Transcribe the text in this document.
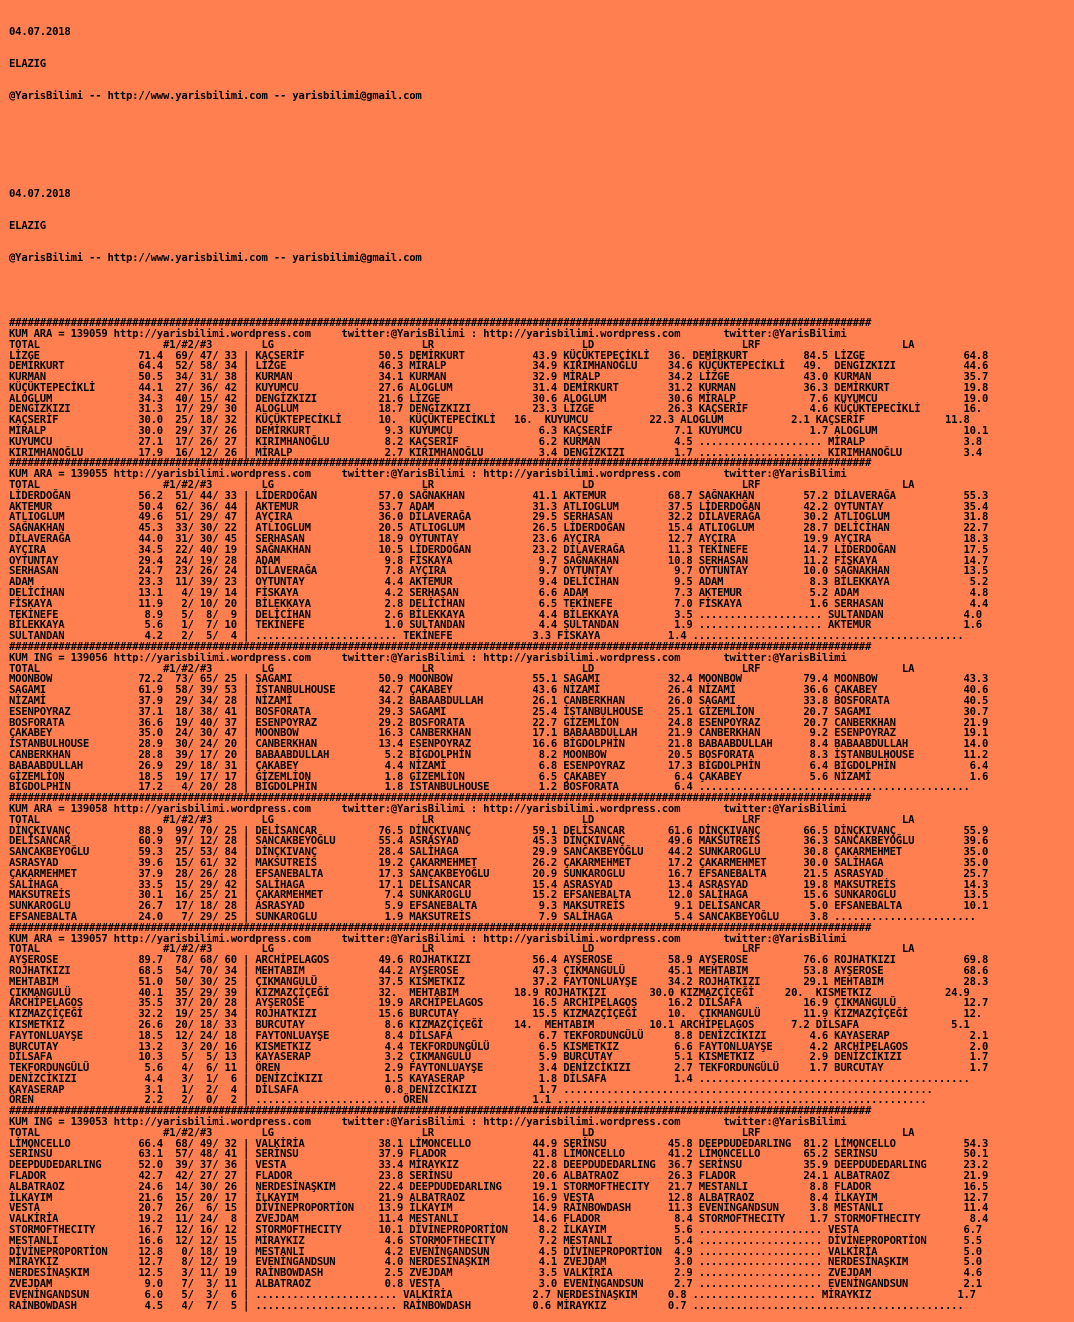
04.07.2018

ELAZIG

@YarisBilimi -- http://www.yarisbilimi.com -- yarisbilimi@gmail.com

04.07.2018

ELAZIG

@YarisBilimi -- http://www.yarisbilimi.com -- yarisbilimi@gmail.com

############################################################################################################################################
KUM ARA = 139059 http://yarisbilimi.wordpress.com     twitter:@YarisBilimi : http://yarisbilimi.wordpress.com       twitter:@YarisBilimi
TOTAL                    #1/#2/#3        LG                        LR                        LD                        LRF                       LA
LİZGE                71.4  69/ 47/ 33 | KAÇSERİF            50.5 DEMİRKURT           43.9 KÜÇÜKTEPECİKLİ   36. DEMİRKURT         84.5 LİZGE                64.8
DEMİRKURT            64.4  52/ 58/ 34 | LİZGE               46.3 MİRALP              34.9 KIRIMHANOĞLU     34.6 KÜÇÜKTEPECİKLİ   49.  DENGİZKIZI           44.6
KURMAN               50.5  34/ 31/ 38 | KURMAN              34.1 KURMAN              32.9 MİRALP           34.2 LİZGE            43.0 KURMAN               35.7
KÜÇÜKTEPECİKLİ       44.1  27/ 36/ 42 | KUYUMCU             27.6 ALOGLUM             31.4 DEMİRKURT        31.2 KURMAN           36.3 DEMİRKURT            19.8
ALOGLUM              34.3  40/ 15/ 42 | DENGİZKIZI          21.6 LİZGE               30.6 ALOGLUM          30.6 MİRALP            7.6 KUYUMCU              19.0
DENGİZKIZI           31.3  17/ 29/ 30 | ALOGLUM             18.7 DENGİZKIZI          23.3 LİZGE            26.3 KAÇSERİF          4.6 KÜÇÜKTEPECİKLİ       16.
KAÇSERİF             30.0  25/ 18/ 32 | KÜÇÜKTEPECİKLİ      10.  KÜÇÜKTEPECİKLİ   16.  KUYUMCU          22.3 ALOGLUM           2.1 KAÇSERİF             11.8
MİRALP               30.0  29/ 37/ 26 | DEMİRKURT            9.3 KUYUMCU              6.3 KAÇSERİF          7.1 KUYUMCU           1.7 ALOGLUM              10.1
KUYUMCU              27.1  17/ 26/ 27 | KIRIMHANOĞLU         8.2 KAÇSERİF             6.2 KURMAN            4.5 .................... MİRALP                3.8
KIRIMHANOĞLU         17.9  16/ 12/ 26 | MİRALP               2.7 KIRIMHANOĞLU         3.4 DENGİZKIZI        1.7 .................... KIRIMHANOĞLU          3.4
############################################################################################################################################
KUM ARA = 139055 http://yarisbilimi.wordpress.com     twitter:@YarisBilimi : http://yarisbilimi.wordpress.com       twitter:@YarisBilimi
TOTAL                    #1/#2/#3        LG                        LR                        LD                        LRF                       LA
LİDERDOĞAN           56.2  51/ 44/ 33 | LİDERDOĞAN          57.0 SAĞNAKHAN           41.1 AKTEMUR          68.7 SAĞNAKHAN        57.2 DİLAVERAĞA           55.3
AKTEMUR              50.4  62/ 36/ 44 | AKTEMUR             53.7 ADAM                31.3 ATLIOGLUM        37.5 LİDERDOĞAN       42.2 OYTUNTAY             35.4
ATLIOGLUM            49.6  51/ 29/ 47 | AYÇIRA              36.0 DİLAVERAĞA          29.5 SERHASAN         32.2 DİLAVERAĞA       30.2 ATLIOGLUM            31.8
SAĞNAKHAN            45.3  33/ 30/ 22 | ATLIOGLUM           20.5 ATLIOGLUM           26.5 LİDERDOĞAN       15.4 ATLIOGLUM        28.7 DELİCİHAN            22.7
DİLAVERAĞA           44.0  31/ 30/ 45 | SERHASAN            18.9 OYTUNTAY            23.6 AYÇIRA           12.7 AYÇIRA           19.9 AYÇIRA               18.3
AYÇIRA               34.5  22/ 40/ 19 | SAĞNAKHAN           10.5 LİDERDOĞAN          23.2 DİLAVERAĞA       11.3 TEKİNEFE         14.7 LİDERDOĞAN           17.5
OYTUNTAY             29.4  24/ 19/ 28 | ADAM                 9.8 FİSKAYA              9.7 SAĞNAKHAN        10.8 SERHASAN         11.2 FİSKAYA              14.7
SERHASAN             24.7  23/ 26/ 24 | DİLAVERAĞA           7.8 AYÇIRA               9.7 OYTUNTAY          9.7 OYTUNTAY         10.0 SAĞNAKHAN            13.5
ADAM                 23.3  11/ 39/ 23 | OYTUNTAY             4.4 AKTEMUR              9.4 DELİCİHAN         9.5 ADAM              8.3 BİLEKKAYA             5.2
DELİCİHAN            13.1   4/ 19/ 14 | FİSKAYA              4.2 SERHASAN             6.6 ADAM              7.3 AKTEMUR           5.2 ADAM                  4.8
FİSKAYA              11.9   2/ 10/ 20 | BİLEKKAYA            2.8 DELİCİHAN            6.5 TEKİNEFE          7.0 FİSKAYA           1.6 SERHASAN              4.4
TEKİNEFE              8.9   5/  8/  9 | DELİCİHAN            2.6 BİLEKKAYA            4.4 BİLEKKAYA         3.5 .................... SULTANDAN             4.0
BİLEKKAYA             5.6   1/  7/ 10 | TEKİNEFE             1.0 SULTANDAN            4.4 SULTANDAN         1.9 .................... AKTEMUR               1.6
SULTANDAN             4.2   2/  5/  4 | ....................... TEKİNEFE             3.3 FİSKAYA           1.4 ............................................
############################################################################################################################################
KUM ING = 139056 http://yarisbilimi.wordpress.com     twitter:@YarisBilimi : http://yarisbilimi.wordpress.com       twitter:@YarisBilimi
TOTAL                    #1/#2/#3        LG                        LR                        LD                        LRF                       LA
MOONBOW              72.2  73/ 65/ 25 | SAGAMI              50.9 MOONBOW             55.1 SAGAMI           32.4 MOONBOW          79.4 MOONBOW              43.3
SAGAMI               61.9  58/ 39/ 53 | İSTANBULHOUSE       42.7 ÇAKABEY             43.6 NİZAMİ           26.4 NİZAMİ           36.6 ÇAKABEY              40.6
NİZAMİ               37.9  29/ 34/ 28 | NİZAMİ              34.2 BABAABDULLAH        26.1 CANBERKHAN       26.0 SAGAMI           33.8 BOSFORATA            40.5
ESENPOYRAZ           37.1  18/ 38/ 41 | BOSFORATA           29.3 SAGAMI              25.4 İSTANBULHOUSE    25.1 GİZEMLİON        20.7 SAGAMI               30.7
BOSFORATA            36.6  19/ 40/ 37 | ESENPOYRAZ          29.2 BOSFORATA           22.7 GİZEMLİON        24.8 ESENPOYRAZ       20.7 CANBERKHAN           21.9
ÇAKABEY              35.0  24/ 30/ 47 | MOONBOW             16.3 CANBERKHAN          17.1 BABAABDULLAH     21.9 CANBERKHAN        9.2 ESENPOYRAZ           19.1
İSTANBULHOUSE        28.9  30/ 24/ 20 | CANBERKHAN          13.4 ESENPOYRAZ          16.6 BİGDOLPHİN       21.8 BABAABDULLAH      8.4 BABAABDULLAH         14.0
CANBERKHAN           28.8  39/ 17/ 20 | BABAABDULLAH         5.2 BİGDOLPHİN           8.2 MOONBOW          20.5 BOSFORATA         8.3 İSTANBULHOUSE        11.2
BABAABDULLAH         26.9  29/ 18/ 31 | ÇAKABEY              4.4 NİZAMİ               6.8 ESENPOYRAZ       17.3 BİGDOLPHİN        6.4 BİGDOLPHİN            6.4
GİZEMLİON            18.5  19/ 17/ 17 | GİZEMLİON            1.8 GİZEMLİON            6.5 ÇAKABEY           6.4 ÇAKABEY           5.6 NİZAMİ                1.6
BİGDOLPHİN           17.2   4/ 20/ 28 | BİGDOLPHİN           1.8 İSTANBULHOUSE        1.2 BOSFORATA         6.4 ............................................
############################################################################################################################################
KUM ARA = 139058 http://yarisbilimi.wordpress.com     twitter:@YarisBilimi : http://yarisbilimi.wordpress.com       twitter:@YarisBilimi
TOTAL                    #1/#2/#3        LG                        LR                        LD                        LRF                       LA
DİNÇKIVANÇ           88.9  99/ 70/ 25 | DELİSANCAR          76.5 DİNÇKIVANÇ          59.1 DELİSANCAR       61.6 DİNÇKIVANÇ       66.5 DİNÇKIVANÇ           55.9
DELİSANCAR           60.9  97/ 12/ 28 | SANCAKBEYOĞLU       55.4 ASRASYAD            45.3 DİNÇKIVANÇ       49.6 MAKSUTREİS       36.3 SANCAKBEYOĞLU        39.6
SANCAKBEYOĞLU        59.3  25/ 53/ 84 | DİNÇKIVANÇ          28.4 SALİHAGA            29.9 SANCAKBEYOĞLU    44.2 SUNKAROGLU       30.8 ÇAKARMEHMET          35.0
ASRASYAD             39.6  15/ 61/ 32 | MAKSUTREİS          19.2 ÇAKARMEHMET         26.2 ÇAKARMEHMET      17.2 ÇAKARMEHMET      30.0 SALİHAGA             35.0
ÇAKARMEHMET          37.9  28/ 26/ 28 | EFSANEBALTA         17.3 SANCAKBEYOĞLU       20.9 SUNKAROGLU       16.7 EFSANEBALTA      21.5 ASRASYAD             25.7
SALİHAGA             33.5  15/ 29/ 42 | SALİHAGA            17.1 DELİSANCAR          15.4 ASRASYAD         13.4 ASRASYAD         19.8 MAKSUTREİS           14.3
MAKSUTREİS           30.1  16/ 25/ 21 | ÇAKARMEHMET          7.4 SUNKAROGLU          15.2 EFSANEBALTA      12.0 SALİHAGA         15.6 SUNKAROGLU           13.5
SUNKAROGLU           26.7  17/ 18/ 28 | ASRASYAD             5.9 EFSANEBALTA          9.3 MAKSUTREİS        9.1 DELİSANCAR        5.0 EFSANEBALTA          10.1
EFSANEBALTA          24.0   7/ 29/ 25 | SUNKAROGLU           1.9 MAKSUTREİS           7.9 SALİHAGA          5.4 SANCAKBEYOĞLU     3.8 .......................
############################################################################################################################################
KUM ARA = 139057 http://yarisbilimi.wordpress.com     twitter:@YarisBilimi : http://yarisbilimi.wordpress.com       twitter:@YarisBilimi
TOTAL                    #1/#2/#3        LG                        LR                        LD                        LRF                       LA
AYŞEROSE             89.7  78/ 68/ 60 | ARCHİPELAGOS        49.6 ROJHATKIZI          56.4 AYŞEROSE         58.9 AYŞEROSE         76.6 ROJHATKIZI           69.8
ROJHATKIZI           68.5  54/ 70/ 34 | MEHTABIM            44.2 AYŞEROSE            47.3 ÇIKMANGULÜ       45.1 MEHTABIM         53.8 AYŞEROSE             68.6
MEHTABIM             51.0  50/ 30/ 25 | ÇIKMANGULÜ          37.5 KISMETKIZ           37.2 FAYTONLUAYŞE     34.2 ROJHATKIZI       29.1 MEHTABIM             28.3
ÇIKMANGULÜ           40.1  35/ 29/ 39 | KIZMAZÇİÇEĞİ        32.  MEHTABIM         18.9 ROJHATKIZI       30.0 KIZMAZÇİÇEĞİ     20.  KISMETKIZ            24.9
ARCHİPELAGOS         35.5  37/ 20/ 28 | AYŞEROSE            19.9 ARCHİPELAGOS        16.5 ARCHİPELAGOS     16.2 DİLSAFA          16.9 ÇIKMANGULÜ           12.7
KIZMAZÇİÇEĞİ         32.2  19/ 25/ 34 | ROJHATKIZI          15.6 BURCUTAY            15.5 KIZMAZÇİÇEĞİ     10.  ÇIKMANGULÜ       11.9 KIZMAZÇİÇEĞİ         12.
KISMETKIZ            26.6  20/ 18/ 33 | BURCUTAY             8.6 KIZMAZÇİÇEĞİ     14.  MEHTABIM         10.1 ARCHİPELAGOS      7.2 DİLSAFA               5.1
FAYTONLUAYŞE         18.5  12/ 24/ 18 | FAYTONLUAYŞE         8.4 DİLSAFA              6.7 TEKFORDUNGÜLÜ     8.8 DENİZCİKIZI       4.6 KAYASERAP             2.1
BURCUTAY             13.2   3/ 20/ 16 | KISMETKIZ            4.4 TEKFORDUNGÜLÜ        6.5 KISMETKIZ         6.6 FAYTONLUAYŞE      4.2 ARCHİPELAGOS          2.0
DİLSAFA              10.3   5/  5/ 13 | KAYASERAP            3.2 ÇIKMANGULÜ           5.9 BURCUTAY          5.1 KISMETKIZ         2.9 DENİZCİKIZI           1.7
TEKFORDUNGÜLÜ         5.6   4/  6/ 11 | ÖREN                 2.9 FAYTONLUAYŞE         3.4 DENİZCİKIZI       2.7 TEKFORDUNGÜLÜ     1.7 BURCUTAY              1.7
DENİZCİKIZI           4.4   3/  1/  6 | DENİZCİKIZI          1.5 KAYASERAP            1.8 DİLSAFA           1.4 ............................................
KAYASERAP             3.1   1/  2/  4 | DİLSAFA              0.8 DENİZCİKIZI          1.7 ............................................................
ÖREN                  2.2   2/  0/  2 | ....................... ÖREN                 1.1 ............................................................
############################################################################################################################################
KUM ING = 139053 http://yarisbilimi.wordpress.com     twitter:@YarisBilimi : http://yarisbilimi.wordpress.com       twitter:@YarisBilimi
TOTAL                    #1/#2/#3        LG                        LR                        LD                        LRF                       LA
LİMONCELLO           66.4  68/ 49/ 32 | VALKİRİA            38.1 LİMONCELLO          44.9 SERİNSU          45.8 DEEPDUDEDARLING  81.2 LİMONCELLO           54.3
SERİNSU              63.1  57/ 48/ 41 | SERİNSU             37.9 FLADOR              41.8 LİMONCELLO       41.2 LİMONCELLO       65.2 SERİNSU              50.1
DEEPDUDEDARLING      52.0  39/ 37/ 36 | VESTA               33.4 MİRAYKIZ            22.8 DEEPDUDEDARLING  36.7 SERİNSU          35.9 DEEPDUDEDARLING      23.2
FLADOR               42.7  42/ 27/ 27 | FLADOR              23.8 SERİNSU             20.6 ALBATRAOZ        26.3 FLADOR           24.1 ALBATRAOZ            21.9
ALBATRAOZ            24.6  14/ 30/ 26 | NERDESİNAŞKIM       22.4 DEEPDUDEDARLING     19.1 STORMOFTHECITY   21.7 MESTANLI          8.8 FLADOR               16.5
İLKAYIM              21.6  15/ 20/ 17 | İLKAYIM             21.9 ALBATRAOZ           16.9 VESTA            12.8 ALBATRAOZ         8.4 İLKAYIM              12.7
VESTA                20.7  26/  6/ 15 | DİVİNEPROPORTİON    13.9 İLKAYIM             14.9 RAİNBOWDASH      11.3 EVENİNGANDSUN     3.8 MESTANLI             11.4
VALKİRİA             19.2  11/ 24/  8 | ZVEJDAM             11.4 MESTANLI            14.6 FLADOR            8.4 STORMOFTHECITY    1.7 STORMOFTHECITY        8.4
STORMOFTHECITY       16.7  12/ 16/ 12 | STORMOFTHECITY      10.1 DİVİNEPROPORTİON     8.2 İLKAYIM           5.6 .................... VESTA                 6.7
MESTANLI             16.6  12/ 12/ 15 | MİRAYKIZ             4.6 STORMOFTHECITY       7.2 MESTANLI          5.4 .................... DİVİNEPROPORTİON      5.5
DİVİNEPROPORTİON     12.8   0/ 18/ 19 | MESTANLI             4.2 EVENİNGANDSUN        4.5 DİVİNEPROPORTİON  4.9 .................... VALKİRİA              5.0
MİRAYKIZ             12.7   8/ 12/ 19 | EVENİNGANDSUN        4.0 NERDESİNAŞKIM        4.1 ZVEJDAM           3.0 .................... NERDESİNAŞKIM         5.0
NERDESİNAŞKIM        12.5   3/ 11/ 19 | RAİNBOWDASH          2.5 ZVEJDAM              3.5 VALKİRİA          2.9 .................... ZVEJDAM               4.6
ZVEJDAM               9.0   7/  3/ 11 | ALBATRAOZ            0.8 VESTA                3.0 EVENİNGANDSUN     2.7 .................... EVENİNGANDSUN         2.1
EVENİNGANDSUN         6.0   5/  3/  6 | ....................... VALKİRİA             2.7 NERDESİNAŞKIM     0.8 .................... MİRAYKIZ              1.7
RAİNBOWDASH           4.5   4/  7/  5 | ....................... RAİNBOWDASH          0.6 MİRAYKIZ          0.7 ............................................
